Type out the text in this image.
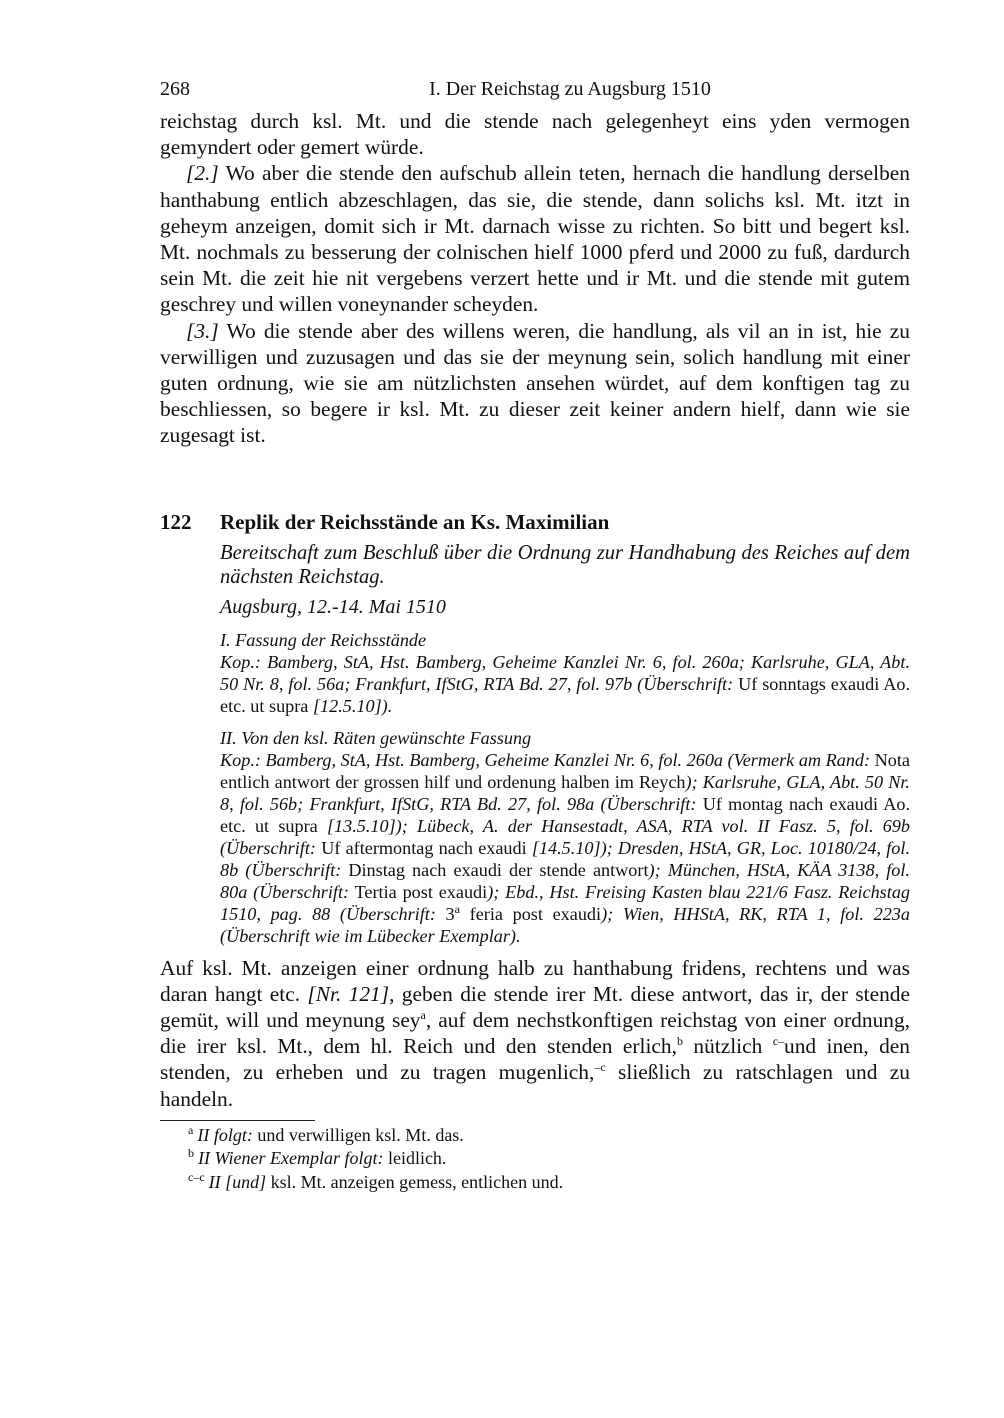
268	I. Der Reichstag zu Augsburg 1510

reichstag durch ksl. Mt. und die stende nach gelegenheyt eins yden vermogen gemyndert oder gemert würde.

[2.] Wo aber die stende den aufschub allein teten, hernach die handlung derselben hanthabung entlich abzeschlagen, das sie, die stende, dann solichs ksl. Mt. itzt in geheym anzeigen, domit sich ir Mt. darnach wisse zu richten. So bitt und begert ksl. Mt. nochmals zu besserung der colnischen hielf 1000 pferd und 2000 zu fuß, dardurch sein Mt. die zeit hie nit vergebens verzert hette und ir Mt. und die stende mit gutem geschrey und willen voneynander scheyden.

[3.] Wo die stende aber des willens weren, die handlung, als vil an in ist, hie zu verwilligen und zuzusagen und das sie der meynung sein, solich handlung mit einer guten ordnung, wie sie am nützlichsten ansehen würdet, auf dem konftigen tag zu beschliessen, so begere ir ksl. Mt. zu dieser zeit keiner andern hielf, dann wie sie zugesagt ist.

122	Replik der Reichsstände an Ks. Maximilian
Bereitschaft zum Beschluß über die Ordnung zur Handhabung des Reiches auf dem nächsten Reichstag.
Augsburg, 12.-14. Mai 1510
I. Fassung der Reichsstände
Kop.: Bamberg, StA, Hst. Bamberg, Geheime Kanzlei Nr. 6, fol. 260a; Karlsruhe, GLA, Abt. 50 Nr. 8, fol. 56a; Frankfurt, IfStG, RTA Bd. 27, fol. 97b (Überschrift: Uf sonntags exaudi Ao. etc. ut supra [12.5.10]).
II. Von den ksl. Räten gewünschte Fassung
Kop.: Bamberg, StA, Hst. Bamberg, Geheime Kanzlei Nr. 6, fol. 260a (Vermerk am Rand: Nota entlich antwort der grossen hilf und ordenung halben im Reych); Karlsruhe, GLA, Abt. 50 Nr. 8, fol. 56b; Frankfurt, IfStG, RTA Bd. 27, fol. 98a (Überschrift: Uf montag nach exaudi Ao. etc. ut supra [13.5.10]); Lübeck, A. der Hansestadt, ASA, RTA vol. II Fasz. 5, fol. 69b (Überschrift: Uf aftermontag nach exaudi [14.5.10]); Dresden, HStA, GR, Loc. 10180/24, fol. 8b (Überschrift: Dinstag nach exaudi der stende antwort); München, HStA, KÄA 3138, fol. 80a (Überschrift: Tertia post exaudi); Ebd., Hst. Freising Kasten blau 221/6 Fasz. Reichstag 1510, pag. 88 (Überschrift: 3$^a$ feria post exaudi); Wien, HHStA, RK, RTA 1, fol. 223a (Überschrift wie im Lübecker Exemplar).

Auf ksl. Mt. anzeigen einer ordnung halb zu hanthabung fridens, rechtens und was daran hangt etc. [Nr. 121], geben die stende irer Mt. diese antwort, das ir, der stende gemüt, will und meynung sey$^a$, auf dem nechstkonftigen reichstag von einer ordnung, die irer ksl. Mt., dem hl. Reich und den stenden erlich,$^b$ nützlich $^{c-}$und inen, den stenden, zu erheben und zu tragen mugenlich,$^{-c}$ sließlich zu ratschlagen und zu handeln.

$^a$ II folgt: und verwilligen ksl. Mt. das.
$^b$ II Wiener Exemplar folgt: leidlich.
$^{c-c}$ II [und] ksl. Mt. anzeigen gemess, entlichen und.
